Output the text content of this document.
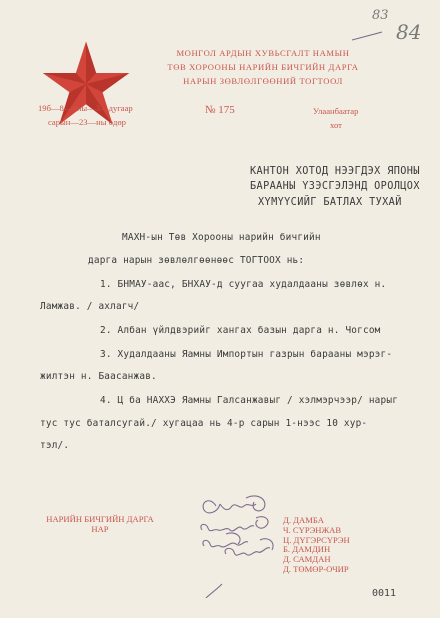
83
84
МОНГОЛ АРДЫН ХУВЬСГАЛТ НАМЫН
ТӨВ ХОРООНЫ НАРИЙН БИЧГИЙН ДАРГА
НАРЫН ЗӨВЛӨЛГӨӨНИЙ ТОГТООЛ
19б—8—оны—3—дугаар
сарын—23—ны өдөр
№ 175	Улаанбаатар
хот
КАНТОН ХОТОД НЭЭГДЭХ ЯПОНЫ
БАРААНЫ ҮЗЭСГЭЛЭНД ОРОЛЦОХ
ХҮМҮҮСИЙГ БАТЛАХ ТУХАЙ
МАХН-ын Төв Хорооны нарийн бичгийн
дарга нарын зөвлөлгөөнөөс ТОГТООХ нь:
1. БНМАУ-аас, БНХАУ-д суугаа худалдааны зөвлөх н.
Ламжав. / ахлагч/
2. Албан үйлдвэрийг хангах базын дарга н. Чогсом
3. Худалдааны Яамны Импортын газрын барааны мэрэг-
жилтэн н. Баасанжав.
4. Ц ба НАХХЭ Яамны Галсанжавыг / хэлмэрчээр/ нарыг
тус тус баталсугай./ хугацаа нь 4-р сарын 1-нээс 10 хур-
тэл/.
НАРИЙН БИЧГИЙН ДАРГА
НАР
Д. ДАМБА
Ч. СҮРЭНЖАВ
Ц. ДҮГЭРСҮРЭН
Б. ДАМДИН
Д. САМДАН
Д. ТӨМӨР-ОЧИР
0011
